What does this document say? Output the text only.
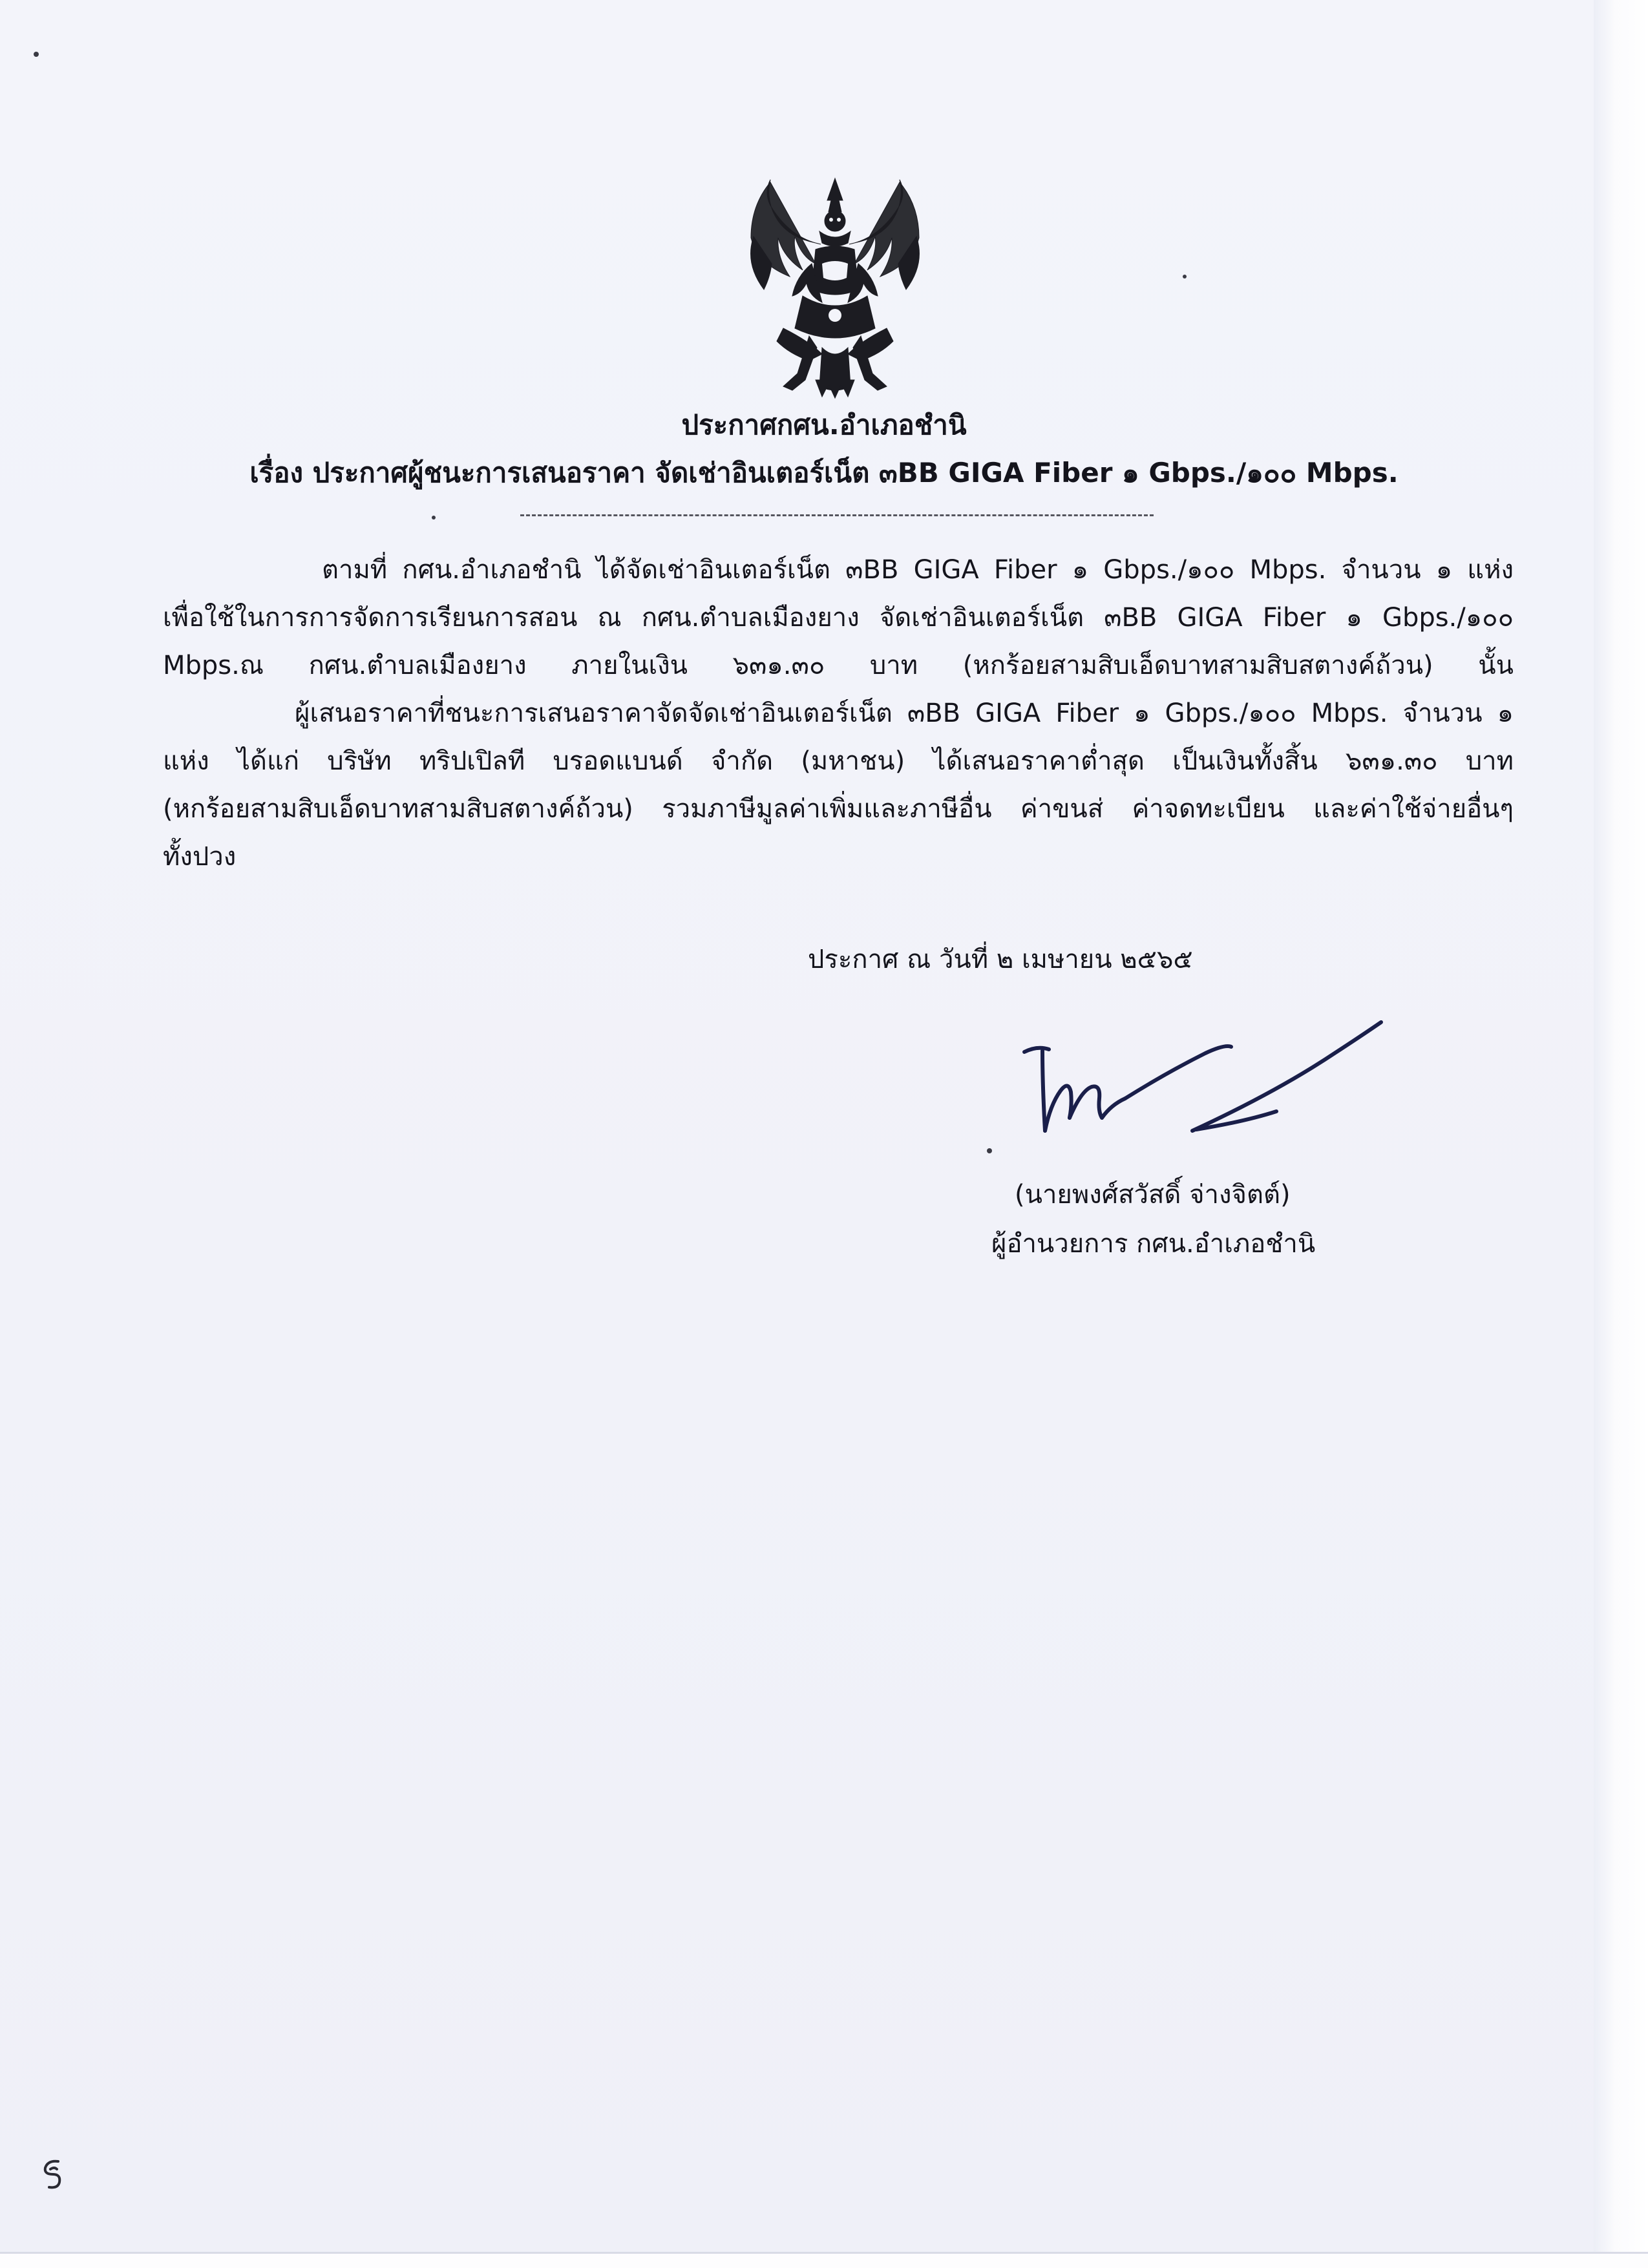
ประกาศกศน.อำเภอชำนิ
เรื่อง ประกาศผู้ชนะการเสนอราคา จัดเช่าอินเตอร์เน็ต ๓BB GIGA Fiber ๑ Gbps./๑๐๐ Mbps.
ตามที่ กศน.อำเภอชำนิ ได้จัดเช่าอินเตอร์เน็ต ๓BB GIGA Fiber ๑ Gbps./๑๐๐ Mbps. จำนวน ๑ แห่ง
เพื่อใช้ในการการจัดการเรียนการสอน ณ กศน.ตำบลเมืองยาง จัดเช่าอินเตอร์เน็ต ๓BB GIGA Fiber ๑ Gbps./๑๐๐
Mbps.ณ กศน.ตำบลเมืองยาง ภายในเงิน ๖๓๑.๓๐ บาท (หกร้อยสามสิบเอ็ดบาทสามสิบสตางค์ถ้วน) นั้น
ผู้เสนอราคาที่ชนะการเสนอราคาจัดจัดเช่าอินเตอร์เน็ต ๓BB GIGA Fiber ๑ Gbps./๑๐๐ Mbps. จำนวน ๑
แห่ง ได้แก่ บริษัท ทริปเปิลที บรอดแบนด์ จำกัด (มหาชน) ได้เสนอราคาต่ำสุด เป็นเงินทั้งสิ้น ๖๓๑.๓๐ บาท
(หกร้อยสามสิบเอ็ดบาทสามสิบสตางค์ถ้วน) รวมภาษีมูลค่าเพิ่มและภาษีอื่น ค่าขนส่ ค่าจดทะเบียน และค่าใช้จ่ายอื่นๆ
ทั้งปวง
ประกาศ ณ วันที่ ๒ เมษายน ๒๕๖๕
(นายพงศ์สวัสดิ์ จ่างจิตต์)
ผู้อำนวยการ กศน.อำเภอชำนิ
